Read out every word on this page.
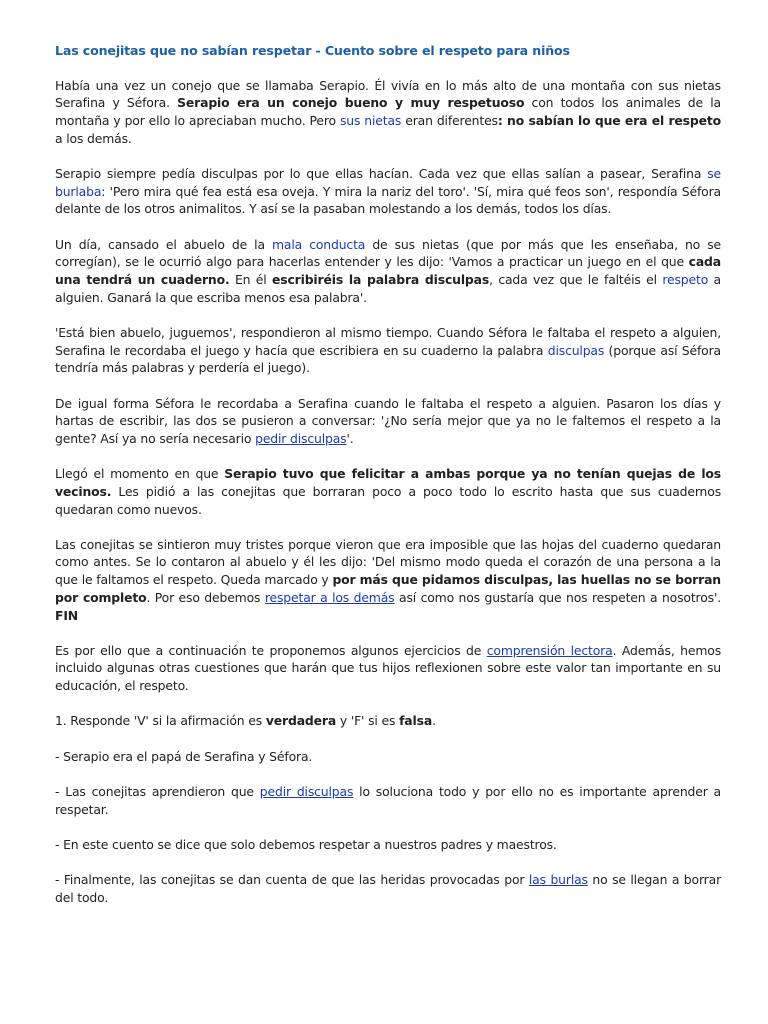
Las conejitas que no sabían respetar - Cuento sobre el respeto para niños

Había una vez un conejo que se llamaba Serapio. Él vivía en lo más alto de una montaña con sus nietas Serafina y Séfora. Serapio era un conejo bueno y muy respetuoso con todos los animales de la montaña y por ello lo apreciaban mucho. Pero sus nietas eran diferentes: no sabían lo que era el respeto a los demás.

Serapio siempre pedía disculpas por lo que ellas hacían. Cada vez que ellas salían a pasear, Serafina se burlaba: 'Pero mira qué fea está esa oveja. Y mira la nariz del toro'. 'Sí, mira qué feos son', respondía Séfora delante de los otros animalitos. Y así se la pasaban molestando a los demás, todos los días.

Un día, cansado el abuelo de la mala conducta de sus nietas (que por más que les enseñaba, no se corregían), se le ocurrió algo para hacerlas entender y les dijo: 'Vamos a practicar un juego en el que cada una tendrá un cuaderno. En él escribiréis la palabra disculpas, cada vez que le faltéis el respeto a alguien. Ganará la que escriba menos esa palabra'.

'Está bien abuelo, juguemos', respondieron al mismo tiempo. Cuando Séfora le faltaba el respeto a alguien, Serafina le recordaba el juego y hacía que escribiera en su cuaderno la palabra disculpas (porque así Séfora tendría más palabras y perdería el juego).

De igual forma Séfora le recordaba a Serafina cuando le faltaba el respeto a alguien. Pasaron los días y hartas de escribir, las dos se pusieron a conversar: '¿No sería mejor que ya no le faltemos el respeto a la gente? Así ya no sería necesario pedir disculpas'.

Llegó el momento en que Serapio tuvo que felicitar a ambas porque ya no tenían quejas de los vecinos. Les pidió a las conejitas que borraran poco a poco todo lo escrito hasta que sus cuadernos quedaran como nuevos.

Las conejitas se sintieron muy tristes porque vieron que era imposible que las hojas del cuaderno quedaran como antes. Se lo contaron al abuelo y él les dijo: 'Del mismo modo queda el corazón de una persona a la que le faltamos el respeto. Queda marcado y por más que pidamos disculpas, las huellas no se borran por completo. Por eso debemos respetar a los demás así como nos gustaría que nos respeten a nosotros'. FIN

Es por ello que a continuación te proponemos algunos ejercicios de comprensión lectora. Además, hemos incluido algunas otras cuestiones que harán que tus hijos reflexionen sobre este valor tan importante en su educación, el respeto.

1. Responde 'V' si la afirmación es verdadera y 'F' si es falsa.

- Serapio era el papá de Serafina y Séfora.

- Las conejitas aprendieron que pedir disculpas lo soluciona todo y por ello no es importante aprender a respetar.

- En este cuento se dice que solo debemos respetar a nuestros padres y maestros.

- Finalmente, las conejitas se dan cuenta de que las heridas provocadas por las burlas no se llegan a borrar del todo.
